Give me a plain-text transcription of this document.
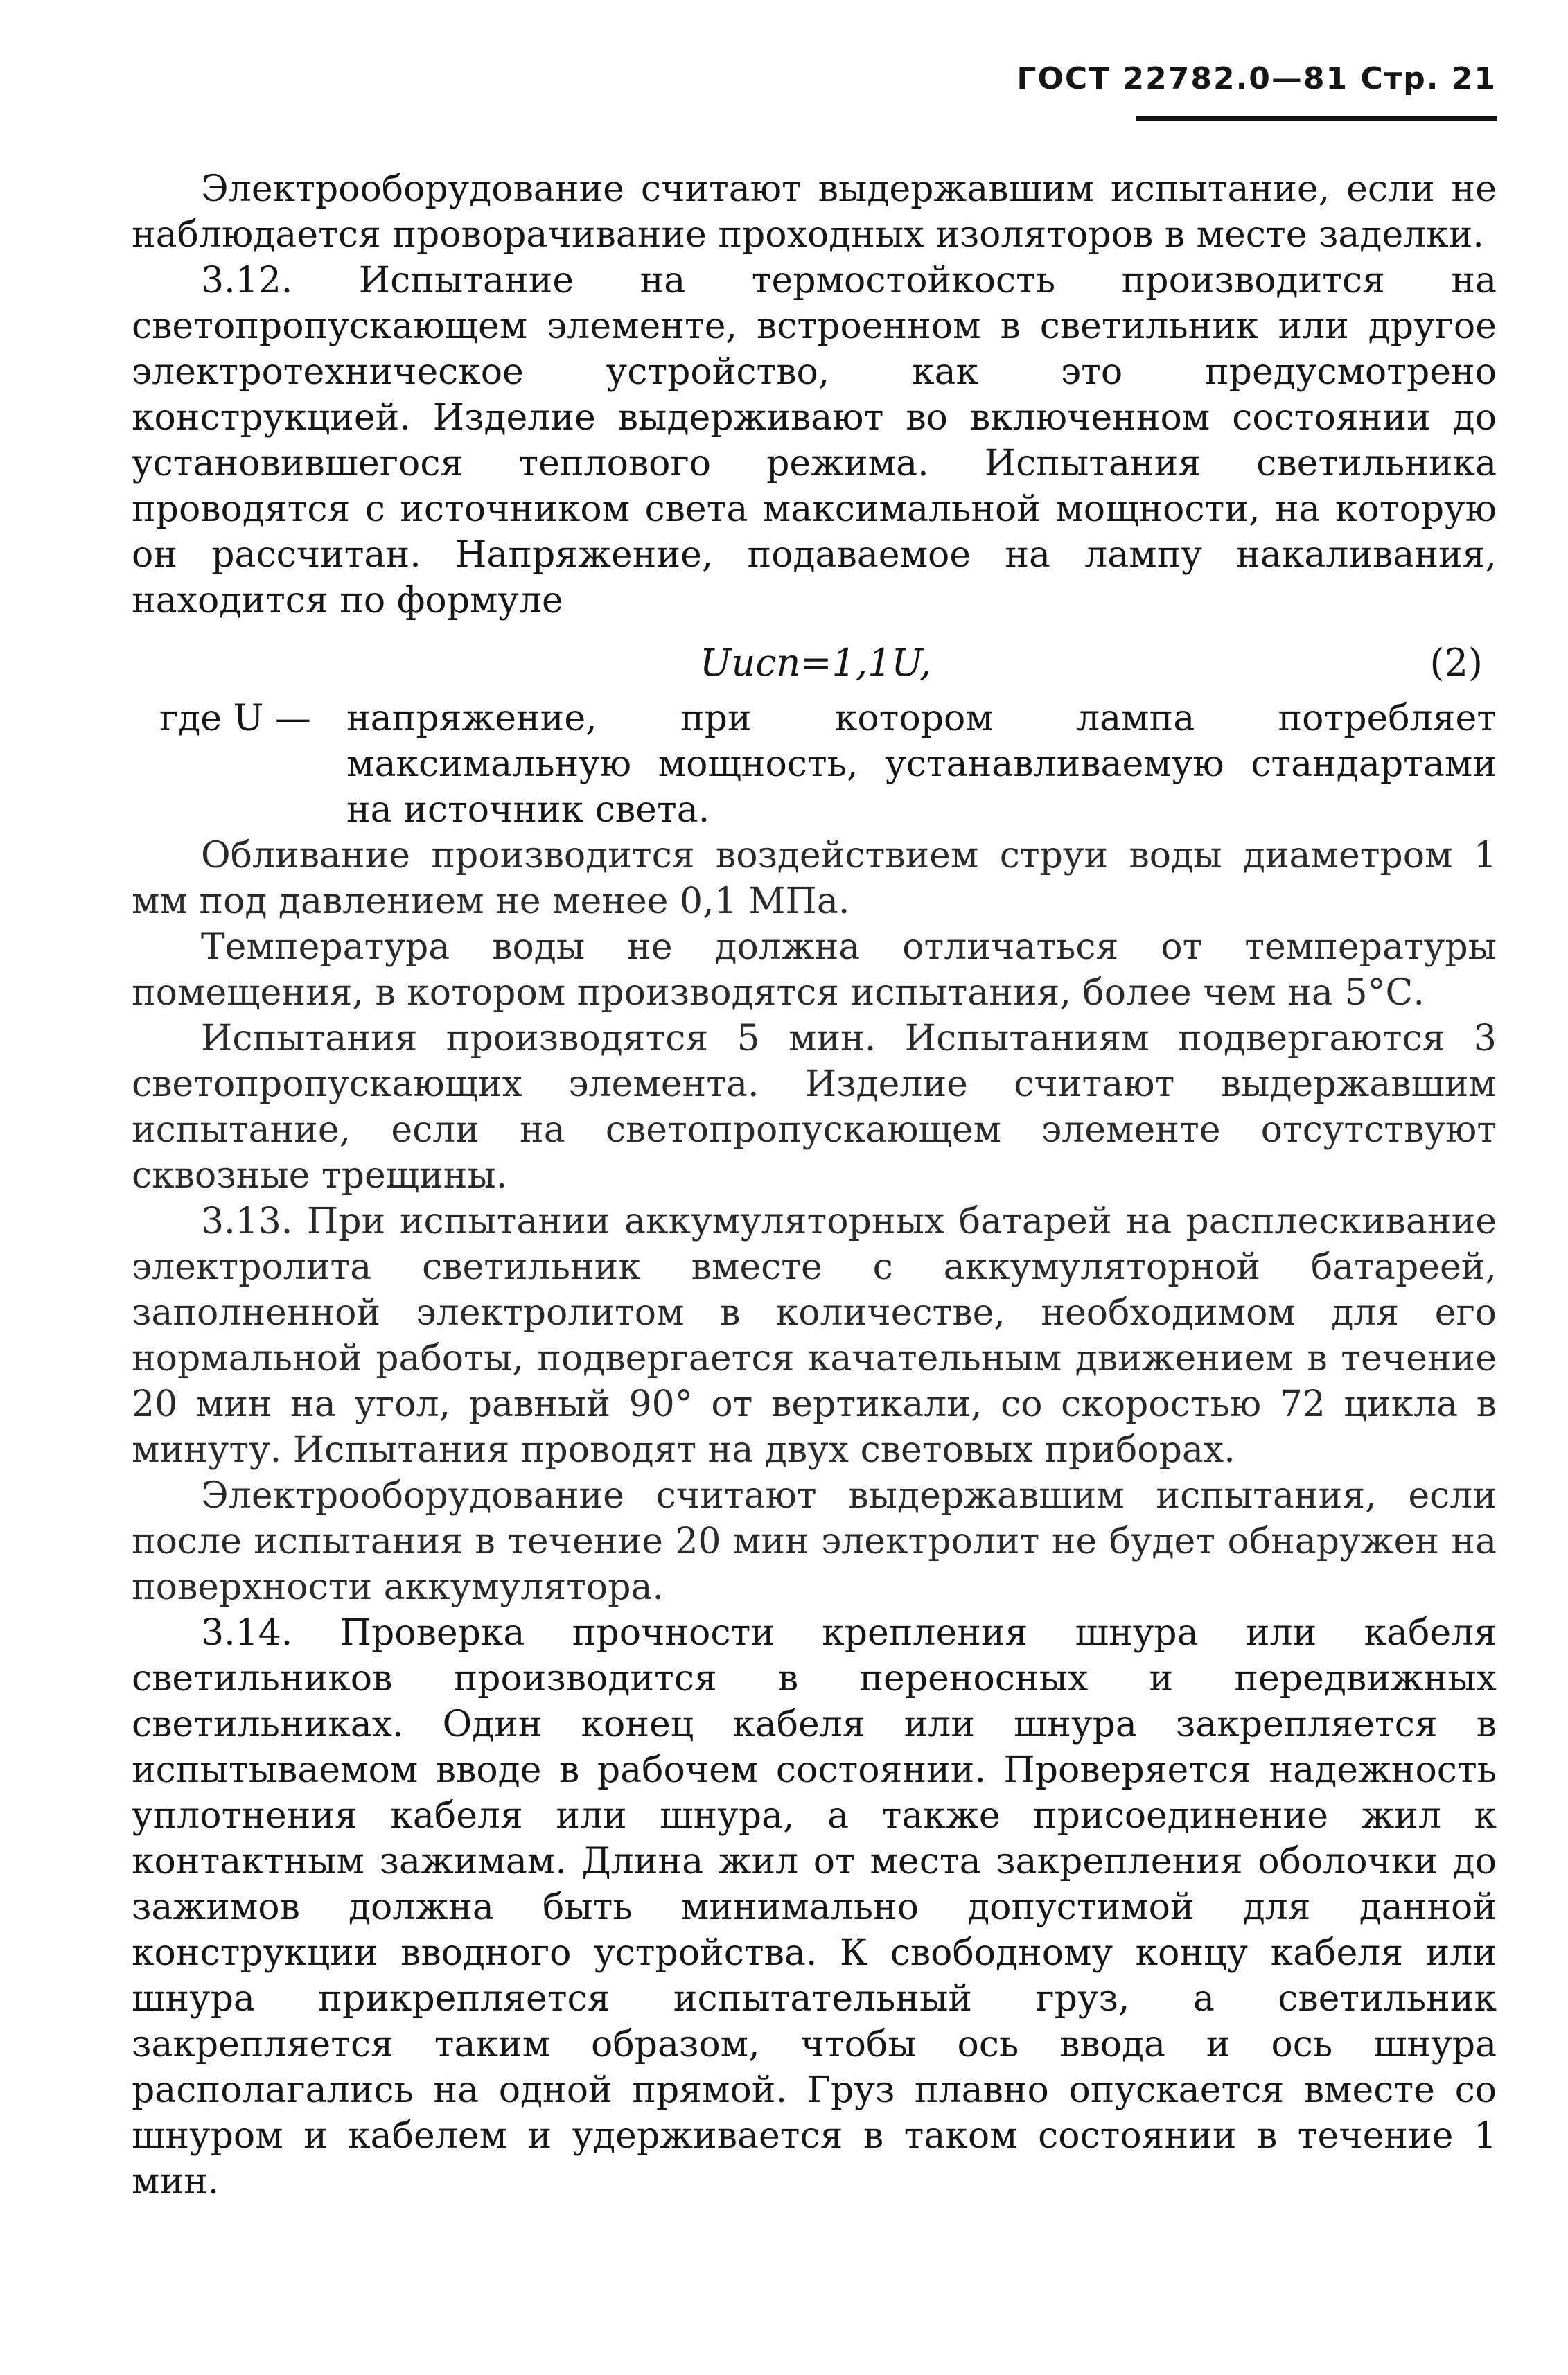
ГОСТ 22782.0—81 Стр. 21

Электрооборудование считают выдержавшим испытание, если не наблюдается проворачивание проходных изоляторов в месте заделки.

3.12. Испытание на термостойкость производится на светопропускающем элементе, встроенном в светильник или другое электротехническое устройство, как это предусмотрено конструкцией. Изделие выдерживают во включенном состоянии до установившегося теплового режима. Испытания светильника проводятся с источником света максимальной мощности, на которую он рассчитан. Напряжение, подаваемое на лампу накаливания, находится по формуле

Uисп=1,1U,	(2)
где U — напряжение, при котором лампа потребляет максимальную мощность, устанавливаемую стандартами на источник света.

Обливание производится воздействием струи воды диаметром 1 мм под давлением не менее 0,1 МПа.

Температура воды не должна отличаться от температуры помещения, в котором производятся испытания, более чем на 5°С.

Испытания производятся 5 мин. Испытаниям подвергаются 3 светопропускающих элемента. Изделие считают выдержавшим испытание, если на светопропускающем элементе отсутствуют сквозные трещины.

3.13. При испытании аккумуляторных батарей на расплескивание электролита светильник вместе с аккумуляторной батареей, заполненной электролитом в количестве, необходимом для его нормальной работы, подвергается качательным движением в течение 20 мин на угол, равный 90° от вертикали, со скоростью 72 цикла в минуту. Испытания проводят на двух световых приборах.

Электрооборудование считают выдержавшим испытания, если после испытания в течение 20 мин электролит не будет обнаружен на поверхности аккумулятора.

3.14. Проверка прочности крепления шнура или кабеля светильников производится в переносных и передвижных светильниках. Один конец кабеля или шнура закрепляется в испытываемом вводе в рабочем состоянии. Проверяется надежность уплотнения кабеля или шнура, а также присоединение жил к контактным зажимам. Длина жил от места закрепления оболочки до зажимов должна быть минимально допустимой для данной конструкции вводного устройства. К свободному концу кабеля или шнура прикрепляется испытательный груз, а светильник закрепляется таким образом, чтобы ось ввода и ось шнура располагались на одной прямой. Груз плавно опускается вместе со шнуром и кабелем и удерживается в таком состоянии в течение 1 мин.
